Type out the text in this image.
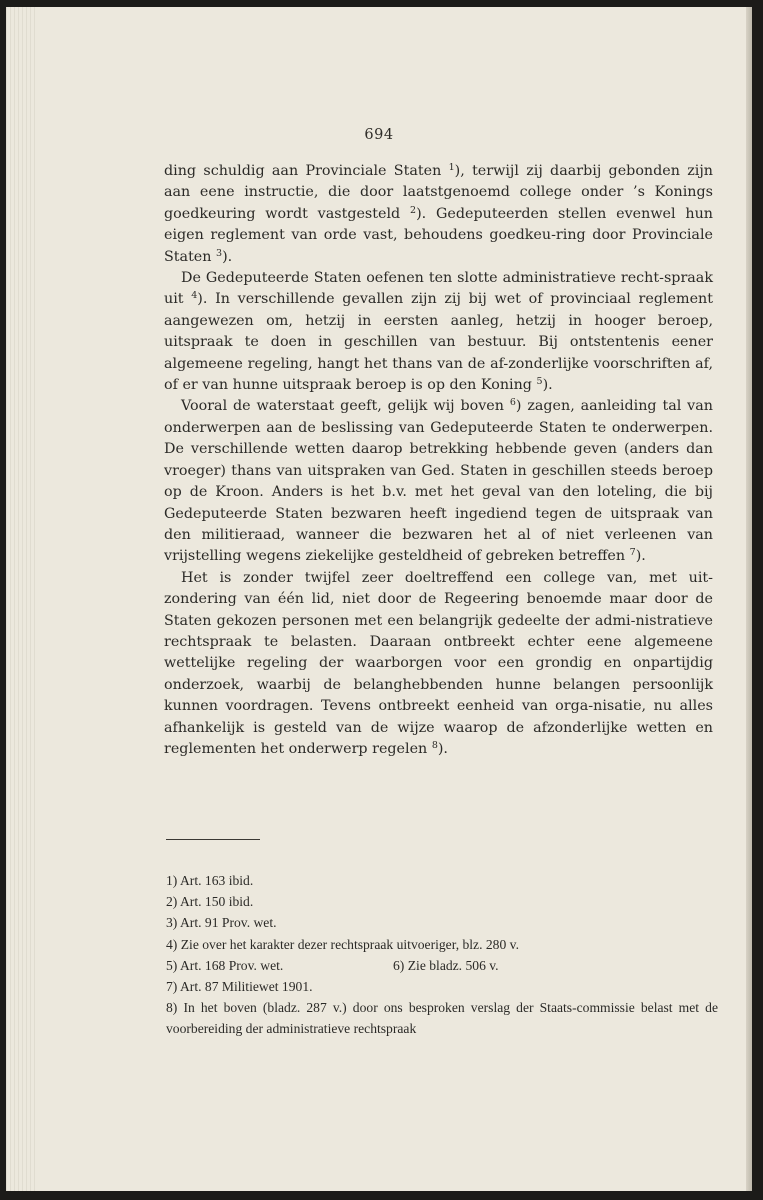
694

ding schuldig aan Provinciale Staten $^1$), terwijl zij daarbij gebonden zijn aan eene instructie, die door laatstgenoemd college onder ’s Konings goedkeuring wordt vastgesteld $^2$). Gedeputeerden stellen evenwel hun eigen reglement van orde vast, behoudens goedkeu-ring door Provinciale Staten $^3$).

De Gedeputeerde Staten oefenen ten slotte administratieve recht-spraak uit $^4$). In verschillende gevallen zijn zij bij wet of provinciaal reglement aangewezen om, hetzij in eersten aanleg, hetzij in hooger beroep, uitspraak te doen in geschillen van bestuur. Bij ontstentenis eener algemeene regeling, hangt het thans van de af-zonderlijke voorschriften af, of er van hunne uitspraak beroep is op den Koning $^5$).

Vooral de waterstaat geeft, gelijk wij boven $^6$) zagen, aanleiding tal van onderwerpen aan de beslissing van Gedeputeerde Staten te onderwerpen. De verschillende wetten daarop betrekking hebbende geven (anders dan vroeger) thans van uitspraken van Ged. Staten in geschillen steeds beroep op de Kroon. Anders is het b.v. met het geval van den loteling, die bij Gedeputeerde Staten bezwaren heeft ingediend tegen de uitspraak van den militieraad, wanneer die bezwaren het al of niet verleenen van vrijstelling wegens ziekelijke gesteldheid of gebreken betreffen $^7$).

Het is zonder twijfel zeer doeltreffend een college van, met uit-zondering van één lid, niet door de Regeering benoemde maar door de Staten gekozen personen met een belangrijk gedeelte der admi-nistratieve rechtspraak te belasten. Daaraan ontbreekt echter eene algemeene wettelijke regeling der waarborgen voor een grondig en onpartijdig onderzoek, waarbij de belanghebbenden hunne belangen persoonlijk kunnen voordragen. Tevens ontbreekt eenheid van orga-nisatie, nu alles afhankelijk is gesteld van de wijze waarop de afzonderlijke wetten en reglementen het onderwerp regelen $^8$).

1) Art. 163 ibid.
2) Art. 150 ibid.
3) Art. 91 Prov. wet.
4) Zie over het karakter dezer rechtspraak uitvoeriger, blz. 280 v.
5) Art. 168 Prov. wet.	6) Zie bladz. 506 v.
7) Art. 87 Militiewet 1901.
8) In het boven (bladz. 287 v.) door ons besproken verslag der Staats-commissie belast met de voorbereiding der administratieve rechtspraak
